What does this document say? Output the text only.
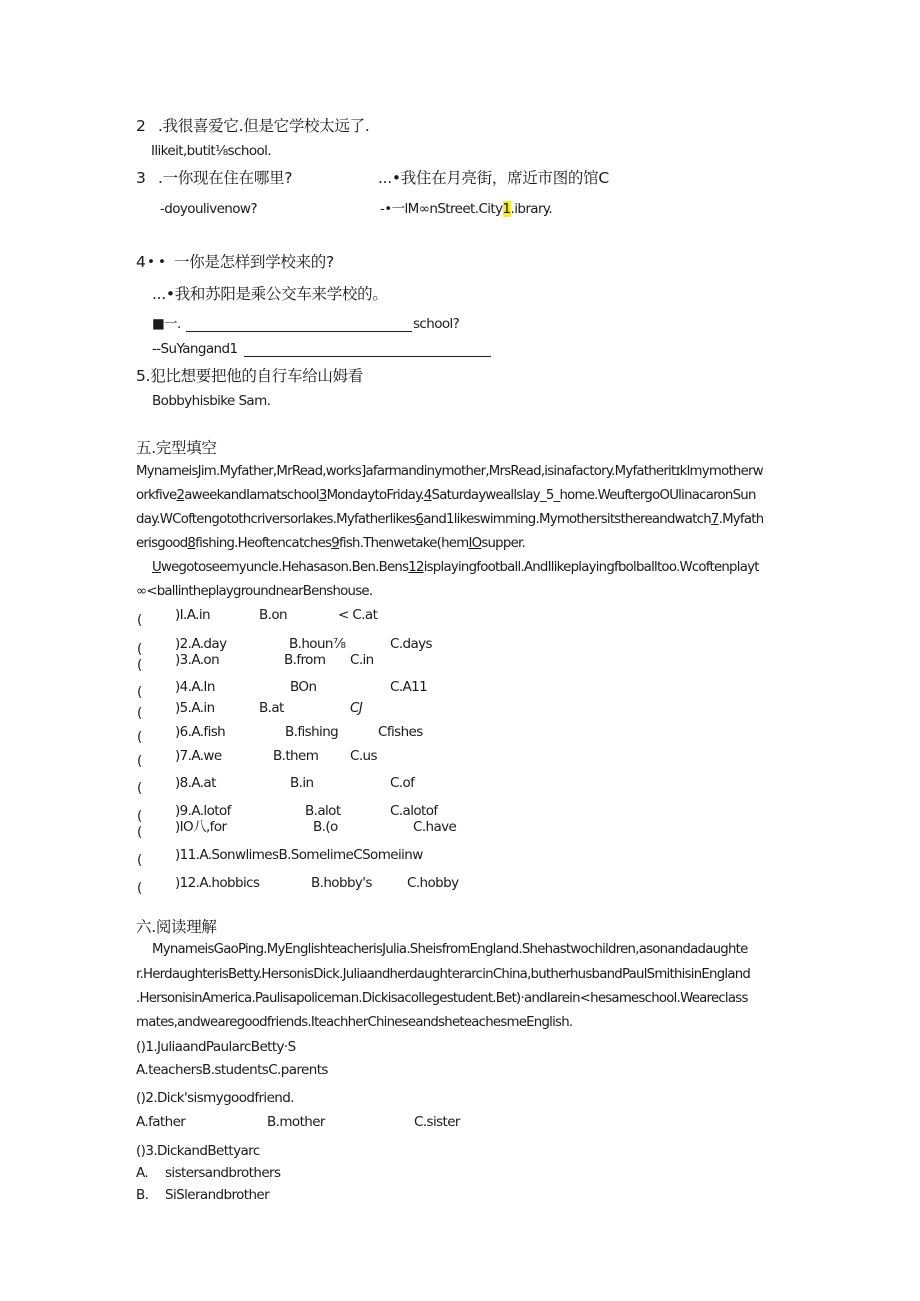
2 .我很喜爱它.但是它学校太远了.
Ilikeit,butit⅛school.
3 .一你现在住在哪里?	...•我住在月亮街，席近市图的馆C
-doyoulivenow?	-•一lM∞nStreet.City1.ibrary.
4 • • 一你是怎样到学校来的?
...•我和苏阳是乘公交车来学校的。
■一.	school?
--SuYangand1
5.犯比想要把他的自行车给山姆看
Bobbyhisbike Sam.
五.完型填空
MynameisJim.Myfather,MrRead,works]afarmandinymother,MrsRead,isinafactory.Myfatheritɪklmymotherw
orkfive2aweekandIamatschool3MondaytoFriday.4Saturdayweallslay_5_home.WeuftergoOUlinacaronSun
day.WCoftengotothcriversorlakes.Myfatherlikes6and1likeswimming.Mymothersitsthereandwatch7.Myfath
erisgood8fishing.Heoftencatches9fish.Thenwetake(hemIOsupper.
Uwegotoseemyuncle.Hehasason.Ben.Bens12isplayingfootball.AndIlikeplayingfbolballtoo.Wcoftenplayt
∞<ballintheplaygroundnearBenshouse.
( )I.A.in	B.on	< C.at
( )2.A.day	B.houn⅞	C.days
( )3.A.on	B.from C.in
( )4.A.In	BOn	C.A11
( )5.A.in	B.at	CJ
( )6.A.fish	B.fishing	Cfishes
( )7.A.we	B.them C.us
( )8.A.at	B.in	C.of
( )9.A.lotof	B.alot	C.alotof
( )IO八,for	B.(o	C.have
( )11.A.SonwlimesB.SomelimeCSomeiinw
( )12.A.hobbics	B.hobby's	C.hobby
六.阅读理解
MynameisGaoPing.MyEnglishteacherisJulia.SheisfromEngland.Shehastwochildren,asonandadaughte
r.HerdaughterisBetty.HersonisDick.JuliaandherdaughterarcinChina,butherhusbandPaulSmithisinEngland
.HersonisinAmerica.Paulisapoliceman.Dickisacollegestudent.Bet)·andIarein<hesameschool.Weareclass
mates,andwearegoodfriends.IteachherChineseandsheteachesmeEnglish.
()1.JuliaandPaularcBetty·S
A.teachersB.studentsC.parents
()2.Dick'sismygoodfriend.
A.father	B.mother	C.sister
()3.DickandBettyarc
A. sistersandbrothers
B. SiSlerandbrother
